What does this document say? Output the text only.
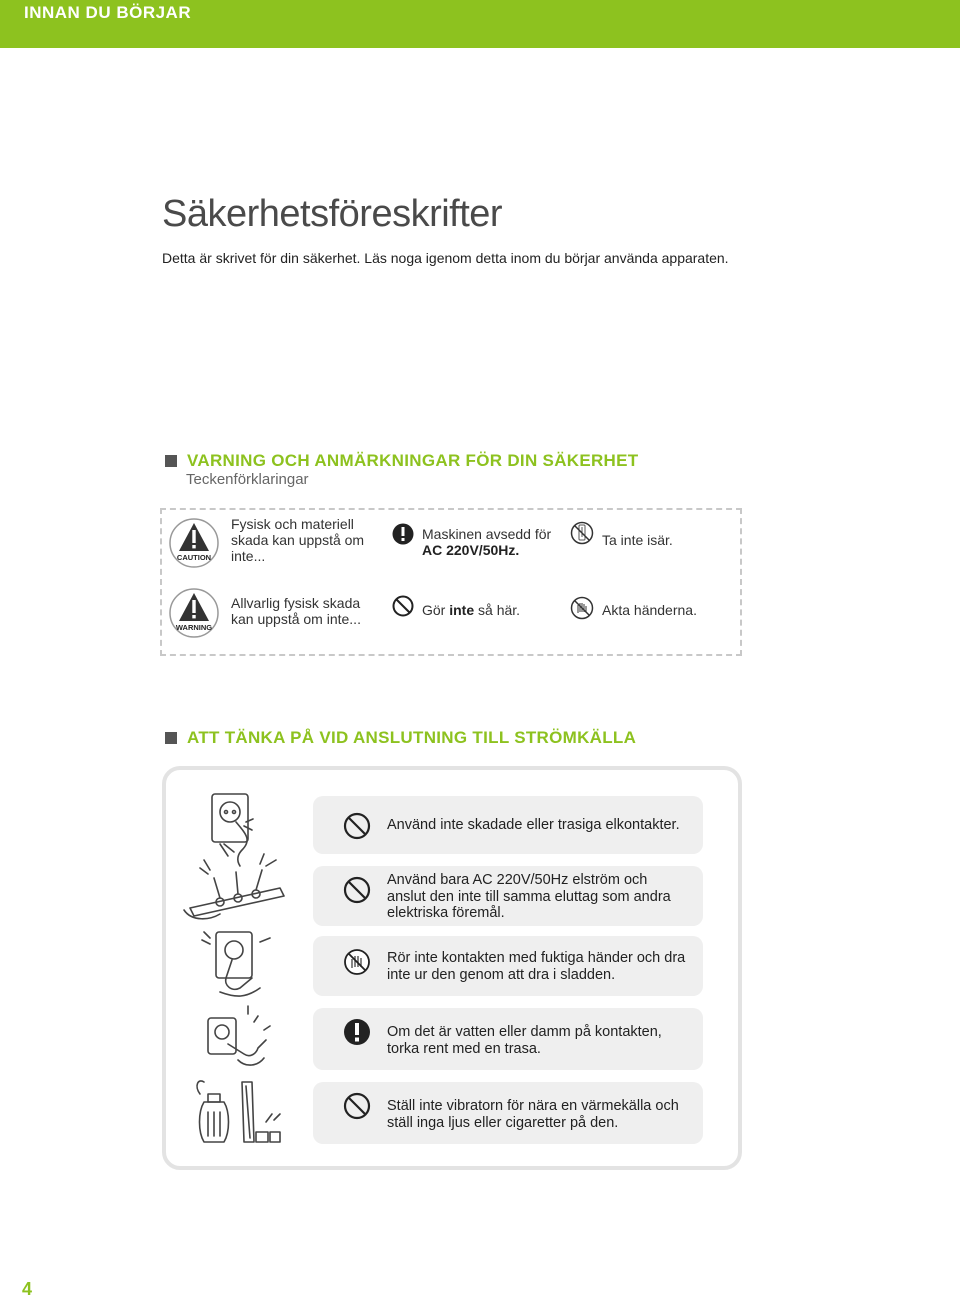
INNAN DU BÖRJAR
Säkerhetsföreskrifter

Detta är skrivet för din säkerhet. Läs noga igenom detta inom du börjar använda apparaten.

VARNING OCH ANMÄRKNINGAR FÖR DIN SÄKERHET
Teckenförklaringar
CAUTION
Fysisk och materiell skada kan uppstå om inte...
WARNING
Allvarlig fysisk skada kan uppstå om inte...
Maskinen avsedd för
AC 220V/50Hz.
Gör inte så här.
Ta inte isär.
Akta händerna.
ATT TÄNKA PÅ VID ANSLUTNING TILL STRÖMKÄLLA
Använd inte skadade eller trasiga elkontakter.
Använd bara AC 220V/50Hz elström och anslut den inte till samma eluttag som andra elektriska föremål.
Rör inte kontakten med fuktiga händer och dra inte ur den genom att dra i sladden.
Om det är vatten eller damm på kontakten, torka rent med en trasa.
Ställ inte vibratorn för nära en värmekälla och ställ inga ljus eller cigaretter på den.
4
